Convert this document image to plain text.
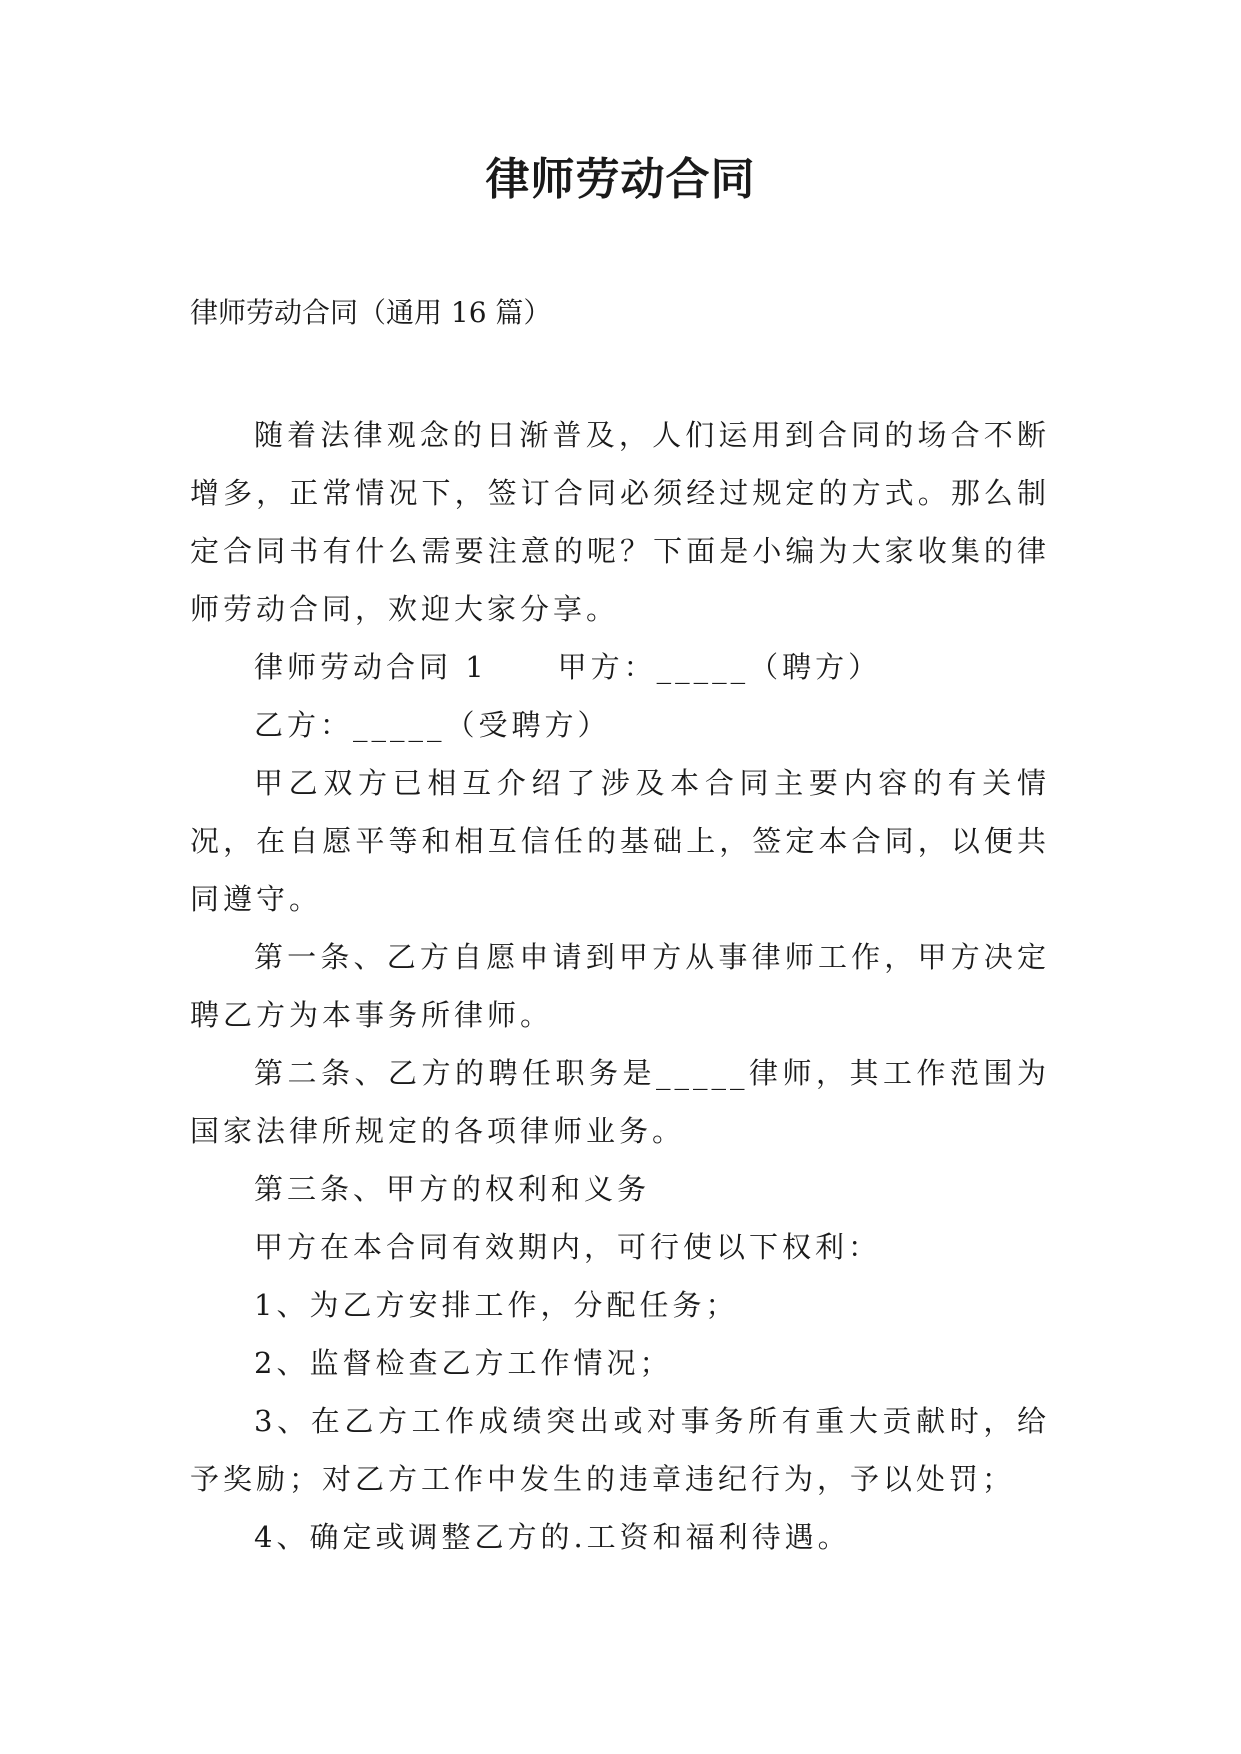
律师劳动合同

律师劳动合同（通用 16 篇）

随着法律观念的日渐普及，人们运用到合同的场合不断增多，正常情况下，签订合同必须经过规定的方式。那么制定合同书有什么需要注意的呢？下面是小编为大家收集的律师劳动合同，欢迎大家分享。

律师劳动合同 1 甲方：_____（聘方）

乙方：_____（受聘方）

甲乙双方已相互介绍了涉及本合同主要内容的有关情况，在自愿平等和相互信任的基础上，签定本合同，以便共同遵守。

第一条、乙方自愿申请到甲方从事律师工作，甲方决定聘乙方为本事务所律师。

第二条、乙方的聘任职务是_____律师，其工作范围为国家法律所规定的各项律师业务。

第三条、甲方的权利和义务

甲方在本合同有效期内，可行使以下权利：

1、为乙方安排工作，分配任务；

2、监督检查乙方工作情况；

3、在乙方工作成绩突出或对事务所有重大贡献时，给予奖励；对乙方工作中发生的违章违纪行为，予以处罚；

4、确定或调整乙方的.工资和福利待遇。
